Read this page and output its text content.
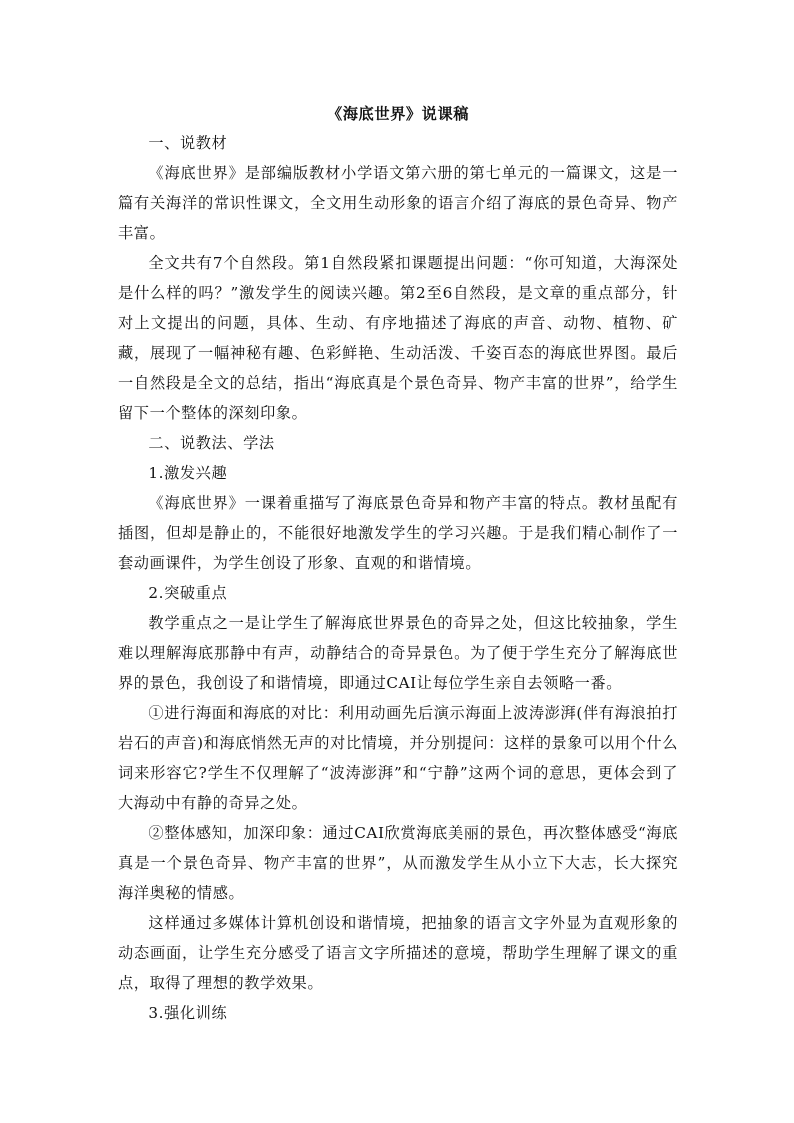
《海底世界》说课稿

一、说教材

《海底世界》是部编版教材小学语文第六册的第七单元的一篇课文，这是一篇有关海洋的常识性课文，全文用生动形象的语言介绍了海底的景色奇异、物产丰富。

全文共有7个自然段。第1自然段紧扣课题提出问题：“你可知道，大海深处是什么样的吗？”激发学生的阅读兴趣。第2至6自然段，是文章的重点部分，针对上文提出的问题，具体、生动、有序地描述了海底的声音、动物、植物、矿藏，展现了一幅神秘有趣、色彩鲜艳、生动活泼、千姿百态的海底世界图。最后一自然段是全文的总结，指出“海底真是个景色奇异、物产丰富的世界”，给学生留下一个整体的深刻印象。

二、说教法、学法

1.激发兴趣

《海底世界》一课着重描写了海底景色奇异和物产丰富的特点。教材虽配有插图，但却是静止的，不能很好地激发学生的学习兴趣。于是我们精心制作了一套动画课件，为学生创设了形象、直观的和谐情境。

2.突破重点

教学重点之一是让学生了解海底世界景色的奇异之处，但这比较抽象，学生难以理解海底那静中有声，动静结合的奇异景色。为了便于学生充分了解海底世界的景色，我创设了和谐情境，即通过CAI让每位学生亲自去领略一番。

①进行海面和海底的对比：利用动画先后演示海面上波涛澎湃(伴有海浪拍打岩石的声音)和海底悄然无声的对比情境，并分别提问：这样的景象可以用个什么词来形容它?学生不仅理解了“波涛澎湃”和“宁静”这两个词的意思，更体会到了大海动中有静的奇异之处。

②整体感知，加深印象：通过CAI欣赏海底美丽的景色，再次整体感受“海底真是一个景色奇异、物产丰富的世界”，从而激发学生从小立下大志，长大探究海洋奥秘的情感。

这样通过多媒体计算机创设和谐情境，把抽象的语言文字外显为直观形象的动态画面，让学生充分感受了语言文字所描述的意境，帮助学生理解了课文的重点，取得了理想的教学效果。

3.强化训练
